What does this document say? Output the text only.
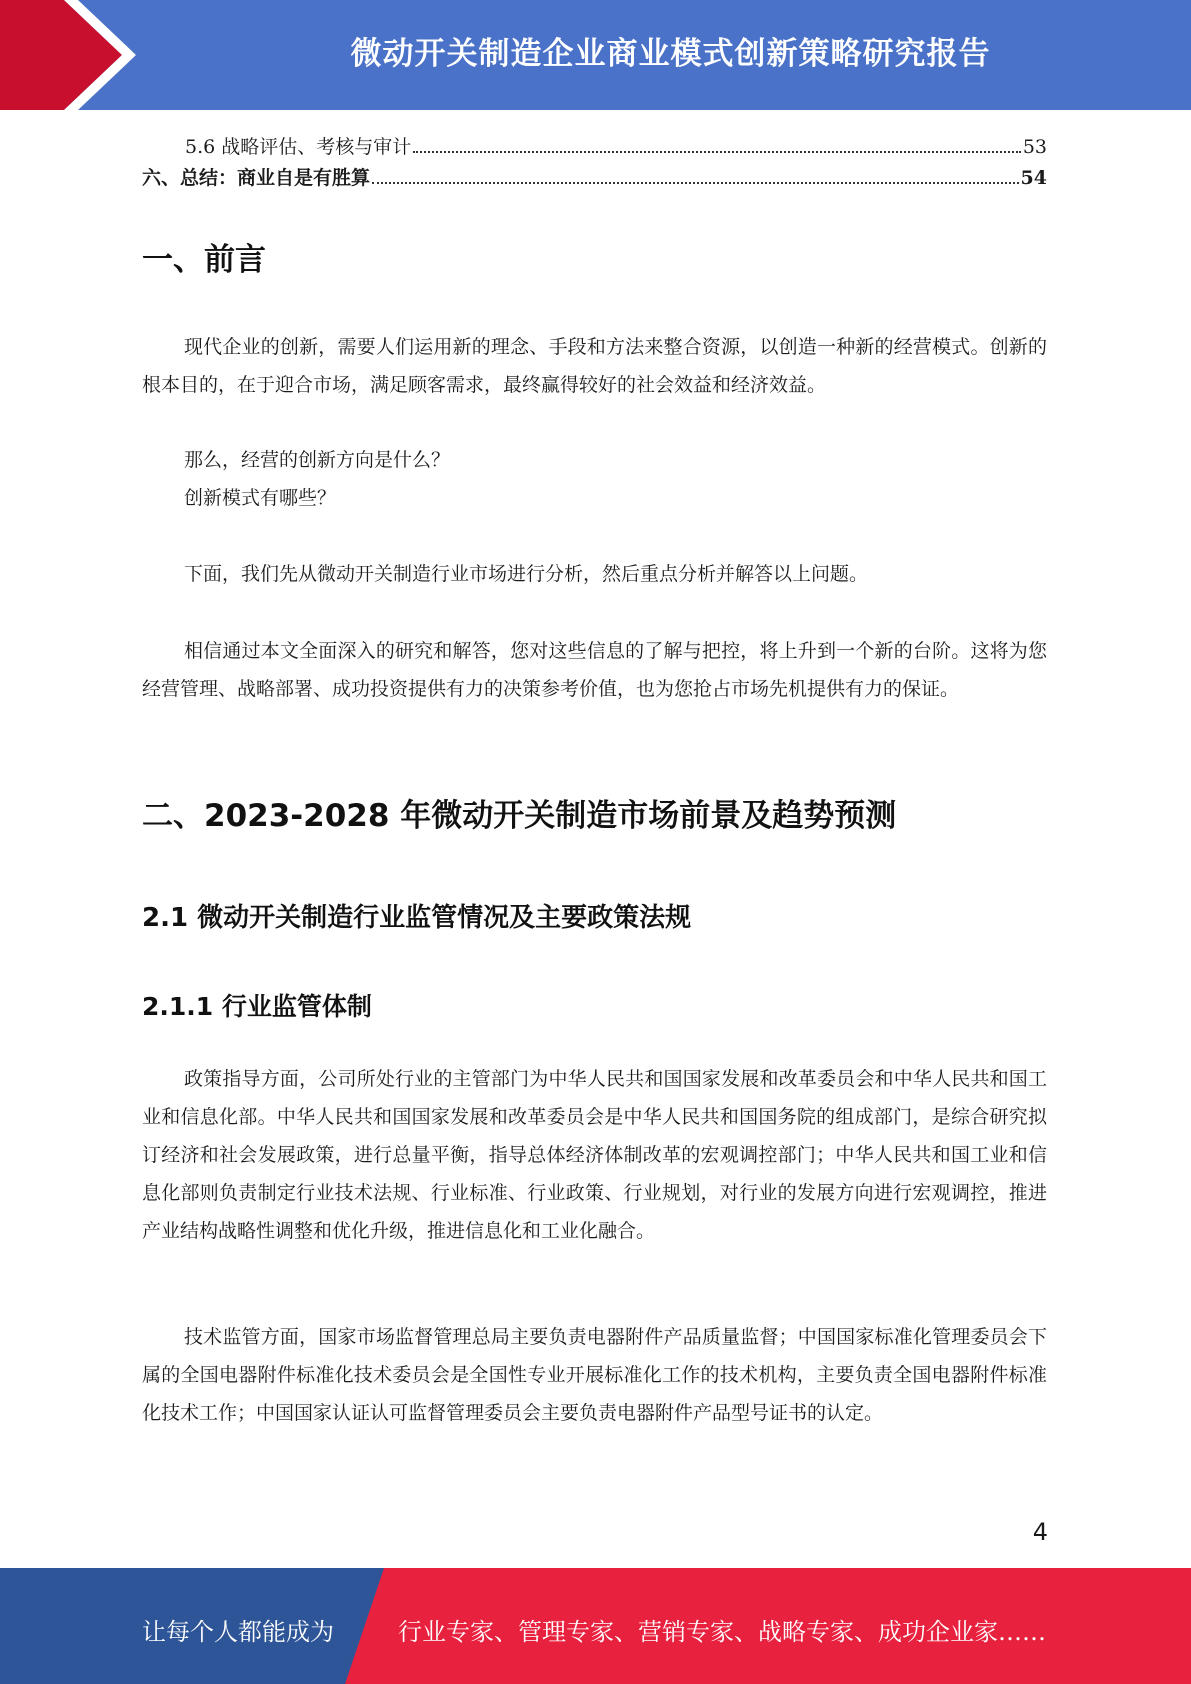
微动开关制造企业商业模式创新策略研究报告
5.6 战略评估、考核与审计	53
六、总结：商业自是有胜算	54
一、前言

现代企业的创新，需要人们运用新的理念、手段和方法来整合资源，以创造一种新的经营模式。创新的根本目的，在于迎合市场，满足顾客需求，最终赢得较好的社会效益和经济效益。

那么，经营的创新方向是什么？

创新模式有哪些？

下面，我们先从微动开关制造行业市场进行分析，然后重点分析并解答以上问题。

相信通过本文全面深入的研究和解答，您对这些信息的了解与把控，将上升到一个新的台阶。这将为您经营管理、战略部署、成功投资提供有力的决策参考价值，也为您抢占市场先机提供有力的保证。

二、2023-2028 年微动开关制造市场前景及趋势预测
2.1 微动开关制造行业监管情况及主要政策法规
2.1.1 行业监管体制

政策指导方面，公司所处行业的主管部门为中华人民共和国国家发展和改革委员会和中华人民共和国工业和信息化部。中华人民共和国国家发展和改革委员会是中华人民共和国国务院的组成部门，是综合研究拟订经济和社会发展政策，进行总量平衡，指导总体经济体制改革的宏观调控部门；中华人民共和国工业和信息化部则负责制定行业技术法规、行业标准、行业政策、行业规划，对行业的发展方向进行宏观调控，推进产业结构战略性调整和优化升级，推进信息化和工业化融合。

技术监管方面，国家市场监督管理总局主要负责电器附件产品质量监督；中国国家标准化管理委员会下属的全国电器附件标准化技术委员会是全国性专业开展标准化工作的技术机构，主要负责全国电器附件标准化技术工作；中国国家认证认可监督管理委员会主要负责电器附件产品型号证书的认定。

4
让每个人都能成为	行业专家、管理专家、营销专家、战略专家、成功企业家……
